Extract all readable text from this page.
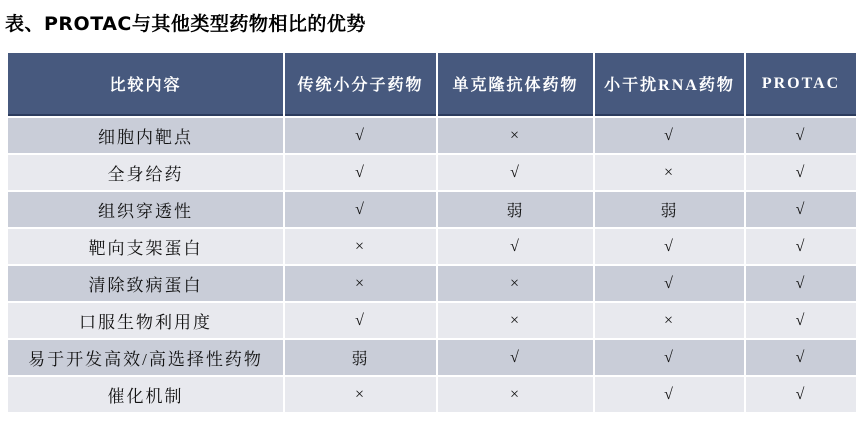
表、PROTAC与其他类型药物相比的优势
比较内容	传统小分子药物	单克隆抗体药物	小干扰RNA药物	PROTAC
细胞内靶点	√	×	√	√
全身给药	√	√	×	√
组织穿透性	√	弱	弱	√
靶向支架蛋白	×	√	√	√
清除致病蛋白	×	×	√	√
口服生物利用度	√	×	×	√
易于开发高效/高选择性药物	弱	√	√	√
催化机制	×	×	√	√
